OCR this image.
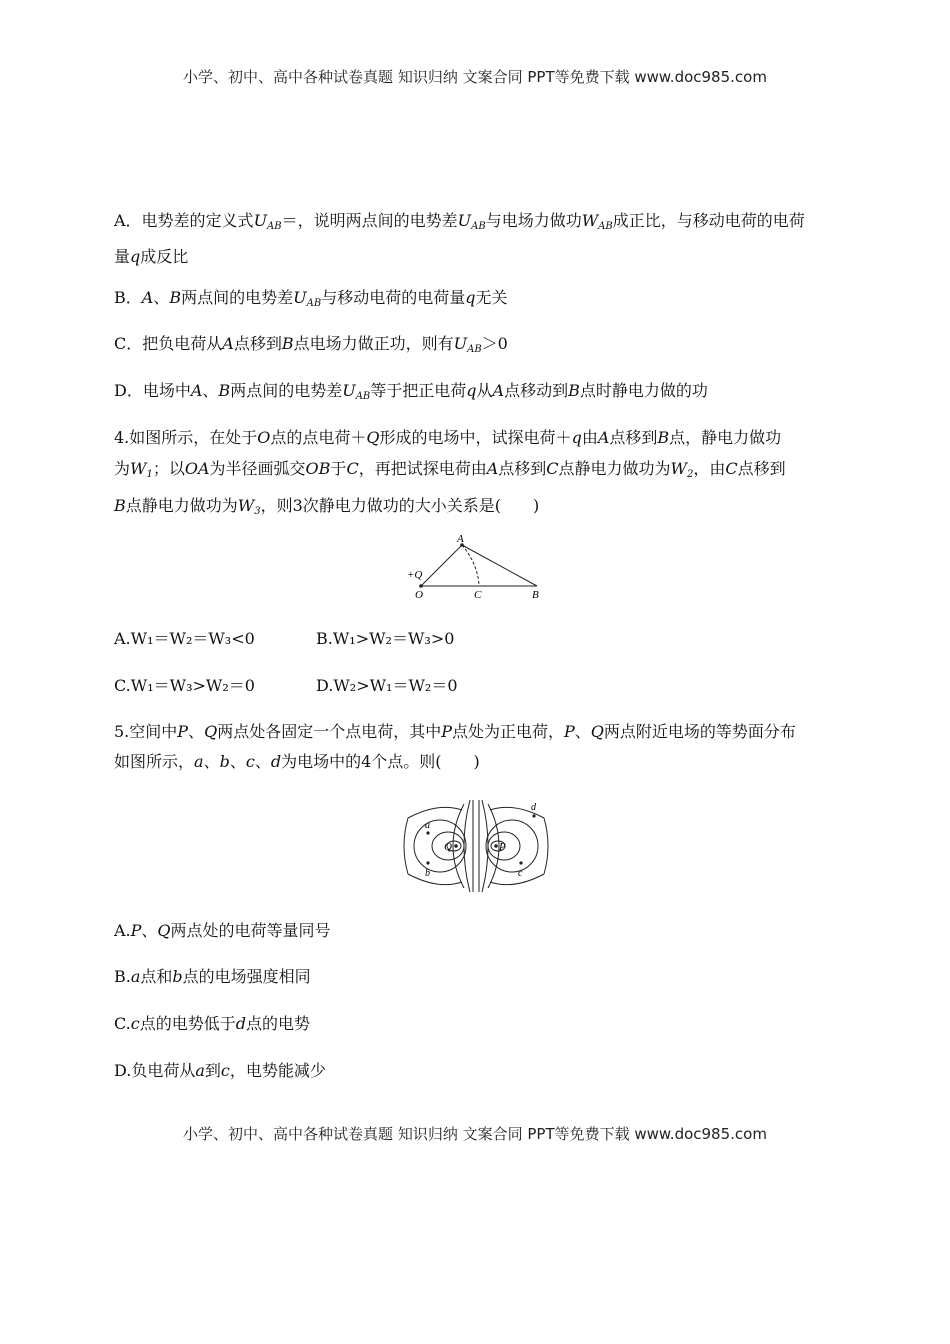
小学、初中、高中各种试卷真题 知识归纳 文案合同 PPT等免费下载 www.doc985.com
A．电势差的定义式$U_{AB}=$，说明两点间的电势差$U_{AB}$与电场力做功$W_{AB}$成正比，与移动电荷的电荷
量q成反比
B．A、B两点间的电势差$U_{AB}$与移动电荷的电荷量q无关
C．把负电荷从A点移到B点电场力做正功，则有$U_{AB}>0$
D．电场中A、B两点间的电势差$U_{AB}$等于把正电荷q从A点移动到B点时静电力做的功
4.如图所示，在处于O点的点电荷＋Q形成的电场中，试探电荷＋q由A点移到B点，静电力做功
为$W_1$；以OA为半径画弧交OB于C，再把试探电荷由A点移到C点静电力做功为$W_2$，由C点移到
B点静电力做功为$W_3$，则3次静电力做功的大小关系是(　　)
A
+Q
O	C	B
A.W₁＝W₂＝W₃<0	B.W₁>W₂＝W₃>0
C.W₁＝W₃>W₂＝0	D.W₂>W₁＝W₂＝0
5.空间中P、Q两点处各固定一个点电荷，其中P点处为正电荷，P、Q两点附近电场的等势面分布
如图所示，a、b、c、d为电场中的4个点。则(　　)
Q	P
a
b	c
d
A.P、Q两点处的电荷等量同号
B.a点和b点的电场强度相同
C.c点的电势低于d点的电势
D.负电荷从a到c，电势能减少
小学、初中、高中各种试卷真题 知识归纳 文案合同 PPT等免费下载 www.doc985.com
